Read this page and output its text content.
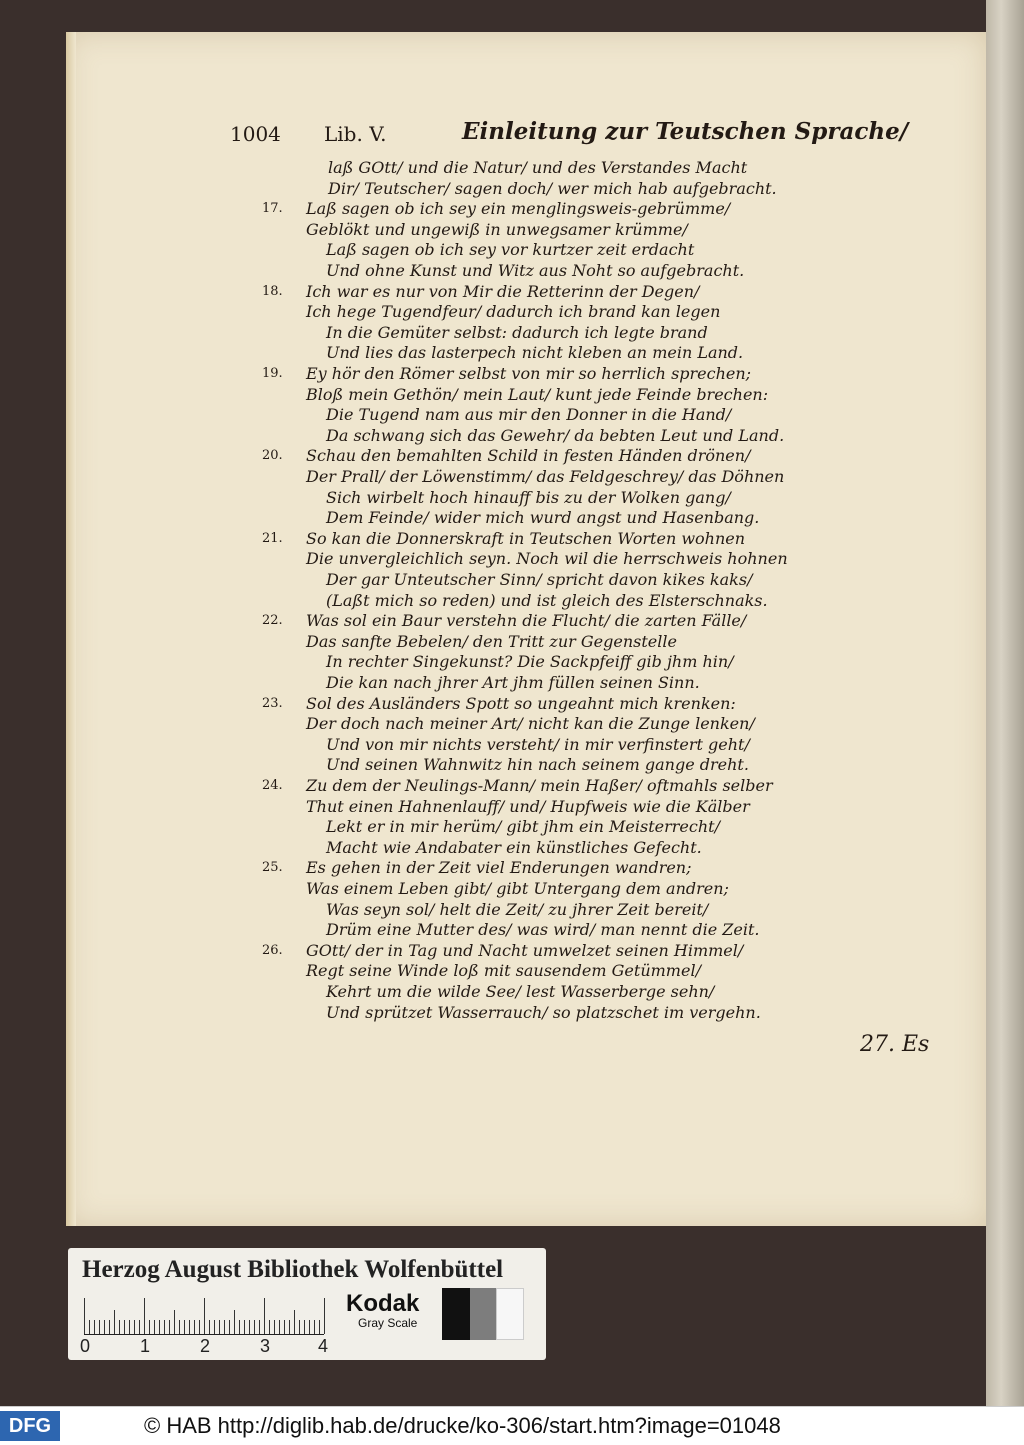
1004 Lib. V.	Einleitung zur Teutschen Sprache/
laß GOtt/ und die Natur/ und des Verstandes Macht
Dir/ Teutscher/ sagen doch/ wer mich hab aufgebracht.
Laß sagen ob ich sey ein menglingsweis-gebrümme/
17.
Geblökt und ungewiß in unwegsamer krümme/
Laß sagen ob ich sey vor kurtzer zeit erdacht
Und ohne Kunst und Witz aus Noht so aufgebracht.
Ich war es nur von Mir die Retterinn der Degen/
18.
Ich hege Tugendfeur/ dadurch ich brand kan legen
In die Gemüter selbst: dadurch ich legte brand
Und lies das lasterpech nicht kleben an mein Land.
Ey hör den Römer selbst von mir so herrlich sprechen;
19.
Bloß mein Gethön/ mein Laut/ kunt jede Feinde brechen:
Die Tugend nam aus mir den Donner in die Hand/
Da schwang sich das Gewehr/ da bebten Leut und Land.
Schau den bemahlten Schild in festen Händen drönen/
20.
Der Prall/ der Löwenstimm/ das Feldgeschrey/ das Döhnen
Sich wirbelt hoch hinauff bis zu der Wolken gang/
Dem Feinde/ wider mich wurd angst und Hasenbang.
So kan die Donnerskraft in Teutschen Worten wohnen
21.
Die unvergleichlich seyn. Noch wil die herrschweis hohnen
Der gar Unteutscher Sinn/ spricht davon kikes kaks/
(Laßt mich so reden) und ist gleich des Elsterschnaks.
Was sol ein Baur verstehn die Flucht/ die zarten Fälle/
22.
Das sanfte Bebelen/ den Tritt zur Gegenstelle
In rechter Singekunst? Die Sackpfeiff gib jhm hin/
Die kan nach jhrer Art jhm füllen seinen Sinn.
Sol des Ausländers Spott so ungeahnt mich krenken:
23.
Der doch nach meiner Art/ nicht kan die Zunge lenken/
Und von mir nichts versteht/ in mir verfinstert geht/
Und seinen Wahnwitz hin nach seinem gange dreht.
Zu dem der Neulings-Mann/ mein Haßer/ oftmahls selber
24.
Thut einen Hahnenlauff/ und/ Hupfweis wie die Kälber
Lekt er in mir herüm/ gibt jhm ein Meisterrecht/
Macht wie Andabater ein künstliches Gefecht.
Es gehen in der Zeit viel Enderungen wandren;
25.
Was einem Leben gibt/ gibt Untergang dem andren;
Was seyn sol/ helt die Zeit/ zu jhrer Zeit bereit/
Drüm eine Mutter des/ was wird/ man nennt die Zeit.
GOtt/ der in Tag und Nacht umwelzet seinen Himmel/
26.
Regt seine Winde loß mit sausendem Getümmel/
Kehrt um die wilde See/ lest Wasserberge sehn/
Und sprützet Wasserrauch/ so platzschet im vergehn.
27. Es
Herzog August Bibliothek Wolfenbüttel
0	1	2	3	4
Kodak
Gray Scale
DFG	© HAB http://diglib.hab.de/drucke/ko-306/start.htm?image=01048
